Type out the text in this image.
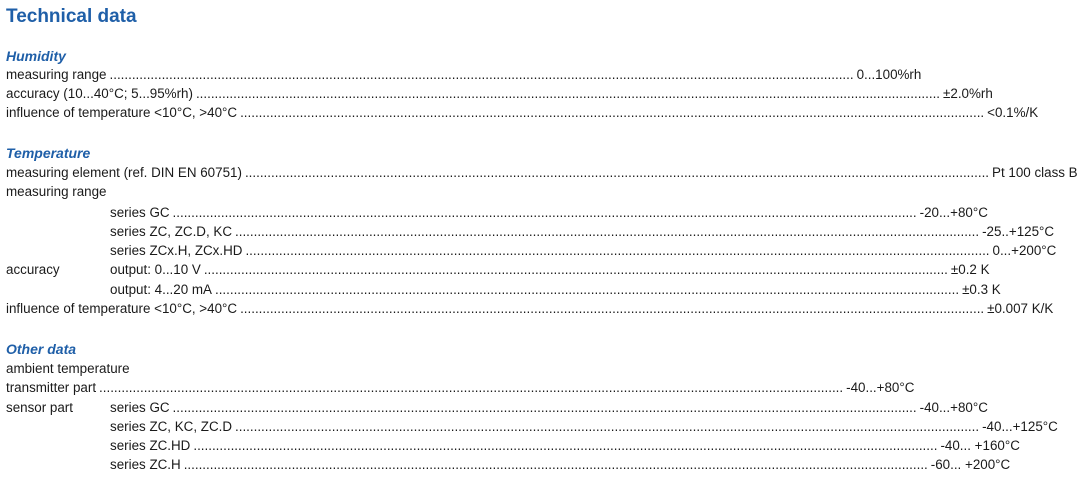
Technical data
Humidity
measuring range ........................................................................................................................................................................................................ 0...100%rh
accuracy (10...40°C; 5...95%rh) ........................................................................................................................................................................................................ ±2.0%rh
influence of temperature <10°C, >40°C ........................................................................................................................................................................................................ <0.1%/K
Temperature
measuring element (ref. DIN EN 60751) ........................................................................................................................................................................................................ Pt 100 class B
measuring range
series GC ........................................................................................................................................................................................................ -20...+80°C
series ZC, ZC.D, KC ........................................................................................................................................................................................................ -25..+125°C
series ZCx.H, ZCx.HD ........................................................................................................................................................................................................ 0...+200°C
accuracy	output: 0...10 V ........................................................................................................................................................................................................ ±0.2 K
output: 4...20 mA ........................................................................................................................................................................................................ ±0.3 K
influence of temperature <10°C, >40°C ........................................................................................................................................................................................................ ±0.007 K/K
Other data
ambient temperature
transmitter part ........................................................................................................................................................................................................ -40...+80°C
sensor part	series GC ........................................................................................................................................................................................................ -40...+80°C
series ZC, KC, ZC.D ........................................................................................................................................................................................................ -40...+125°C
series ZC.HD ........................................................................................................................................................................................................ -40... +160°C
series ZC.H ........................................................................................................................................................................................................ -60... +200°C
